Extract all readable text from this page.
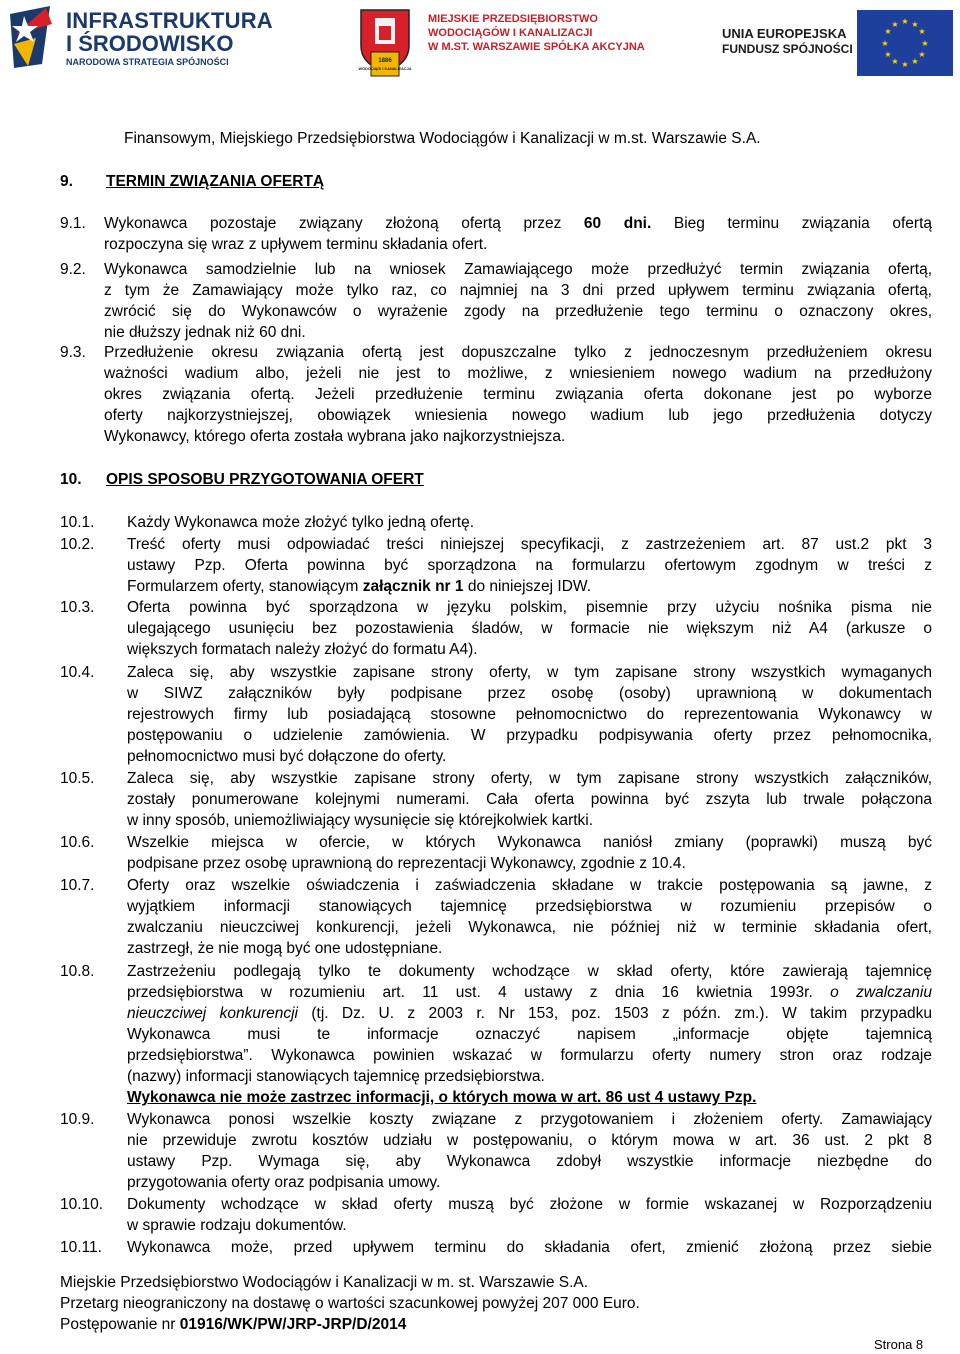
INFRASTRUKTURA
I ŚRODOWISKO
NARODOWA STRATEGIA SPÓJNOŚCI	1886
WODOCIĄGI I KANALIZACJA
MIEJSKIE PRZEDSIĘBIORSTWO
WODOCIĄGÓW I KANALIZACJI
W M.ST. WARSZAWIE SPÓŁKA AKCYJNA
UNIA EUROPEJSKA
FUNDUSZ SPÓJNOŚCI
★ ★
★
★
★
★
★
★
★
★
★
★
Finansowym, Miejskiego Przedsiębiorstwa Wodociągów i Kanalizacji w m.st. Warszawie S.A.
9. TERMIN ZWIĄZANIA OFERTĄ
9.1. Wykonawca pozostaje związany złożoną ofertą przez 60 dni. Bieg terminu związania ofertą
rozpoczyna się wraz z upływem terminu składania ofert.
9.2. Wykonawca samodzielnie lub na wniosek Zamawiającego może przedłużyć termin związania ofertą,
z tym że Zamawiający może tylko raz, co najmniej na 3 dni przed upływem terminu związania ofertą,
zwrócić się do Wykonawców o wyrażenie zgody na przedłużenie tego terminu o oznaczony okres,
nie dłuższy jednak niż 60 dni.
9.3. Przedłużenie okresu związania ofertą jest dopuszczalne tylko z jednoczesnym przedłużeniem okresu
ważności wadium albo, jeżeli nie jest to możliwe, z wniesieniem nowego wadium na przedłużony
okres związania ofertą. Jeżeli przedłużenie terminu związania oferta dokonane jest po wyborze
oferty najkorzystniejszej, obowiązek wniesienia nowego wadium lub jego przedłużenia dotyczy
Wykonawcy, którego oferta została wybrana jako najkorzystniejsza.
10. OPIS SPOSOBU PRZYGOTOWANIA OFERT
10.1. Każdy Wykonawca może złożyć tylko jedną ofertę.
10.2. Treść oferty musi odpowiadać treści niniejszej specyfikacji, z zastrzeżeniem art. 87 ust.2 pkt 3
ustawy Pzp. Oferta powinna być sporządzona na formularzu ofertowym zgodnym w treści z
Formularzem oferty, stanowiącym załącznik nr 1 do niniejszej IDW.
10.3. Oferta powinna być sporządzona w języku polskim, pisemnie przy użyciu nośnika pisma nie
ulegającego usunięciu bez pozostawienia śladów, w formacie nie większym niż A4 (arkusze o
większych formatach należy złożyć do formatu A4).
10.4. Zaleca się, aby wszystkie zapisane strony oferty, w tym zapisane strony wszystkich wymaganych
w SIWZ załączników były podpisane przez osobę (osoby) uprawnioną w dokumentach
rejestrowych firmy lub posiadającą stosowne pełnomocnictwo do reprezentowania Wykonawcy w
postępowaniu o udzielenie zamówienia. W przypadku podpisywania oferty przez pełnomocnika,
pełnomocnictwo musi być dołączone do oferty.
10.5. Zaleca się, aby wszystkie zapisane strony oferty, w tym zapisane strony wszystkich załączników,
zostały ponumerowane kolejnymi numerami. Cała oferta powinna być zszyta lub trwale połączona
w inny sposób, uniemożliwiający wysunięcie się którejkolwiek kartki.
10.6. Wszelkie miejsca w ofercie, w których Wykonawca naniósł zmiany (poprawki) muszą być
podpisane przez osobę uprawnioną do reprezentacji Wykonawcy, zgodnie z 10.4.
10.7. Oferty oraz wszelkie oświadczenia i zaświadczenia składane w trakcie postępowania są jawne, z
wyjątkiem informacji stanowiących tajemnicę przedsiębiorstwa w rozumieniu przepisów o
zwalczaniu nieuczciwej konkurencji, jeżeli Wykonawca, nie później niż w terminie składania ofert,
zastrzegł, że nie mogą być one udostępniane.
10.8. Zastrzeżeniu podlegają tylko te dokumenty wchodzące w skład oferty, które zawierają tajemnicę
przedsiębiorstwa w rozumieniu art. 11 ust. 4 ustawy z dnia 16 kwietnia 1993r. o zwalczaniu
nieuczciwej konkurencji (tj. Dz. U. z 2003 r. Nr 153, poz. 1503 z późn. zm.). W takim przypadku
Wykonawca musi te informacje oznaczyć napisem „informacje objęte tajemnicą
przedsiębiorstwa”. Wykonawca powinien wskazać w formularzu oferty numery stron oraz rodzaje
(nazwy) informacji stanowiących tajemnicę przedsiębiorstwa.
Wykonawca nie może zastrzec informacji, o których mowa w art. 86 ust 4 ustawy Pzp.
10.9. Wykonawca ponosi wszelkie koszty związane z przygotowaniem i złożeniem oferty. Zamawiający
nie przewiduje zwrotu kosztów udziału w postępowaniu, o którym mowa w art. 36 ust. 2 pkt 8
ustawy Pzp. Wymaga się, aby Wykonawca zdobył wszystkie informacje niezbędne do
przygotowania oferty oraz podpisania umowy.
10.10. Dokumenty wchodzące w skład oferty muszą być złożone w formie wskazanej w Rozporządzeniu
w sprawie rodzaju dokumentów.
10.11. Wykonawca może, przed upływem terminu do składania ofert, zmienić złożoną przez siebie
Miejskie Przedsiębiorstwo Wodociągów i Kanalizacji w m. st. Warszawie S.A.
Przetarg nieograniczony na dostawę o wartości szacunkowej powyżej 207 000 Euro.
Postępowanie nr 01916/WK/PW/JRP-JRP/D/2014
Strona 8
